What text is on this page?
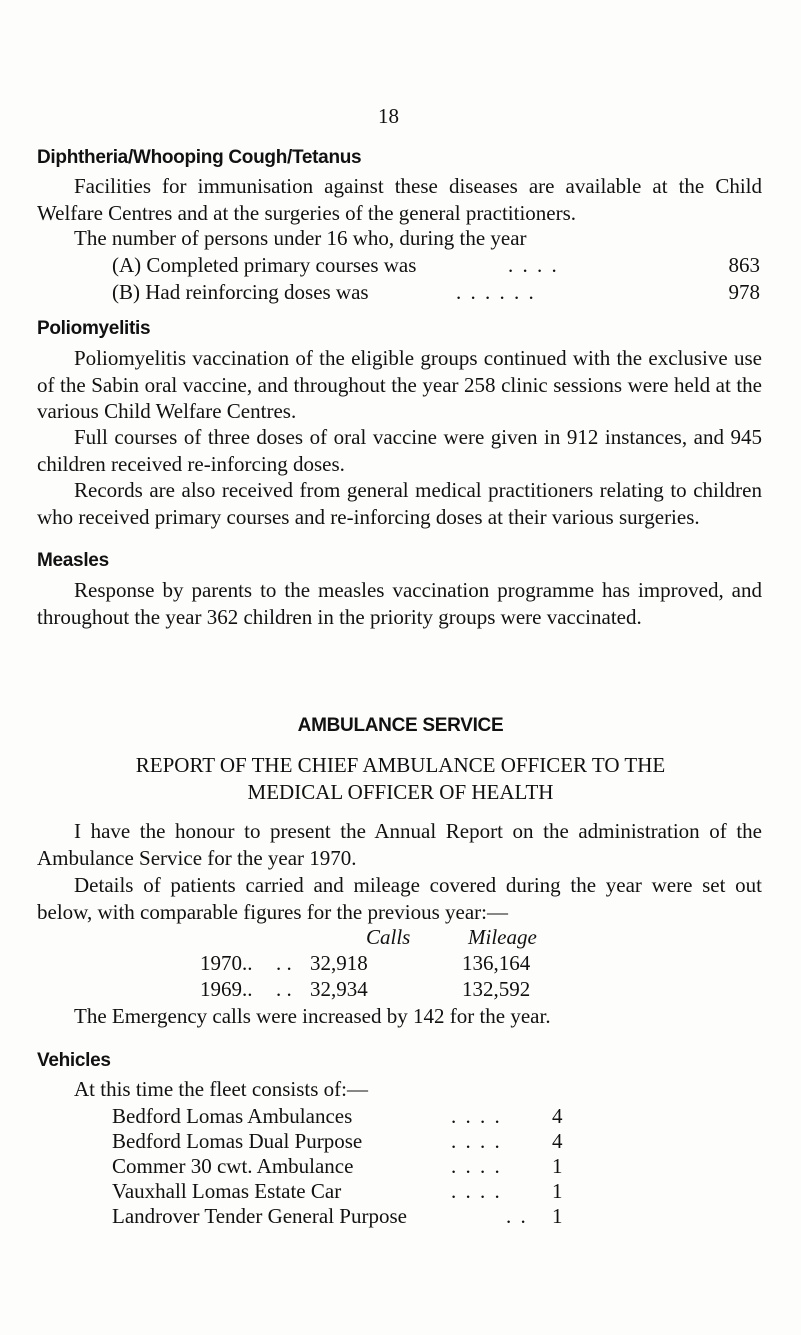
18
Diphtheria/Whooping Cough/Tetanus
Facilities for immunisation against these diseases are available at the Child Welfare Centres and at the surgeries of the general practitioners.
The number of persons under 16 who, during the year
(A) Completed primary courses was	. . . .	863
(B) Had reinforcing doses was	. . . . . .	978
Poliomyelitis
Poliomyelitis vaccination of the eligible groups continued with the exclusive use of the Sabin oral vaccine, and throughout the year 258 clinic sessions were held at the various Child Welfare Centres.
Full courses of three doses of oral vaccine were given in 912 instances, and 945 children received re-inforcing doses.
Records are also received from general medical practitioners relating to children who received primary courses and re-inforcing doses at their various surgeries.
Measles
Response by parents to the measles vaccination programme has improved, and throughout the year 362 children in the priority groups were vaccinated.
AMBULANCE SERVICE
REPORT OF THE CHIEF AMBULANCE OFFICER TO THE
MEDICAL OFFICER OF HEALTH
I have the honour to present the Annual Report on the administration of the Ambulance Service for the year 1970.
Details of patients carried and mileage covered during the year were set out below, with comparable figures for the previous year:—
Calls	Mileage
1970.. . . 32,918	136,164
1969.. . . 32,934	132,592
The Emergency calls were increased by 142 for the year.
Vehicles
At this time the fleet consists of:—
Bedford Lomas Ambulances	. . . . 4
Bedford Lomas Dual Purpose	. . . . 4
Commer 30 cwt. Ambulance	. . . . 1
Vauxhall Lomas Estate Car	. . . . 1
Landrover Tender General Purpose	. . 1
